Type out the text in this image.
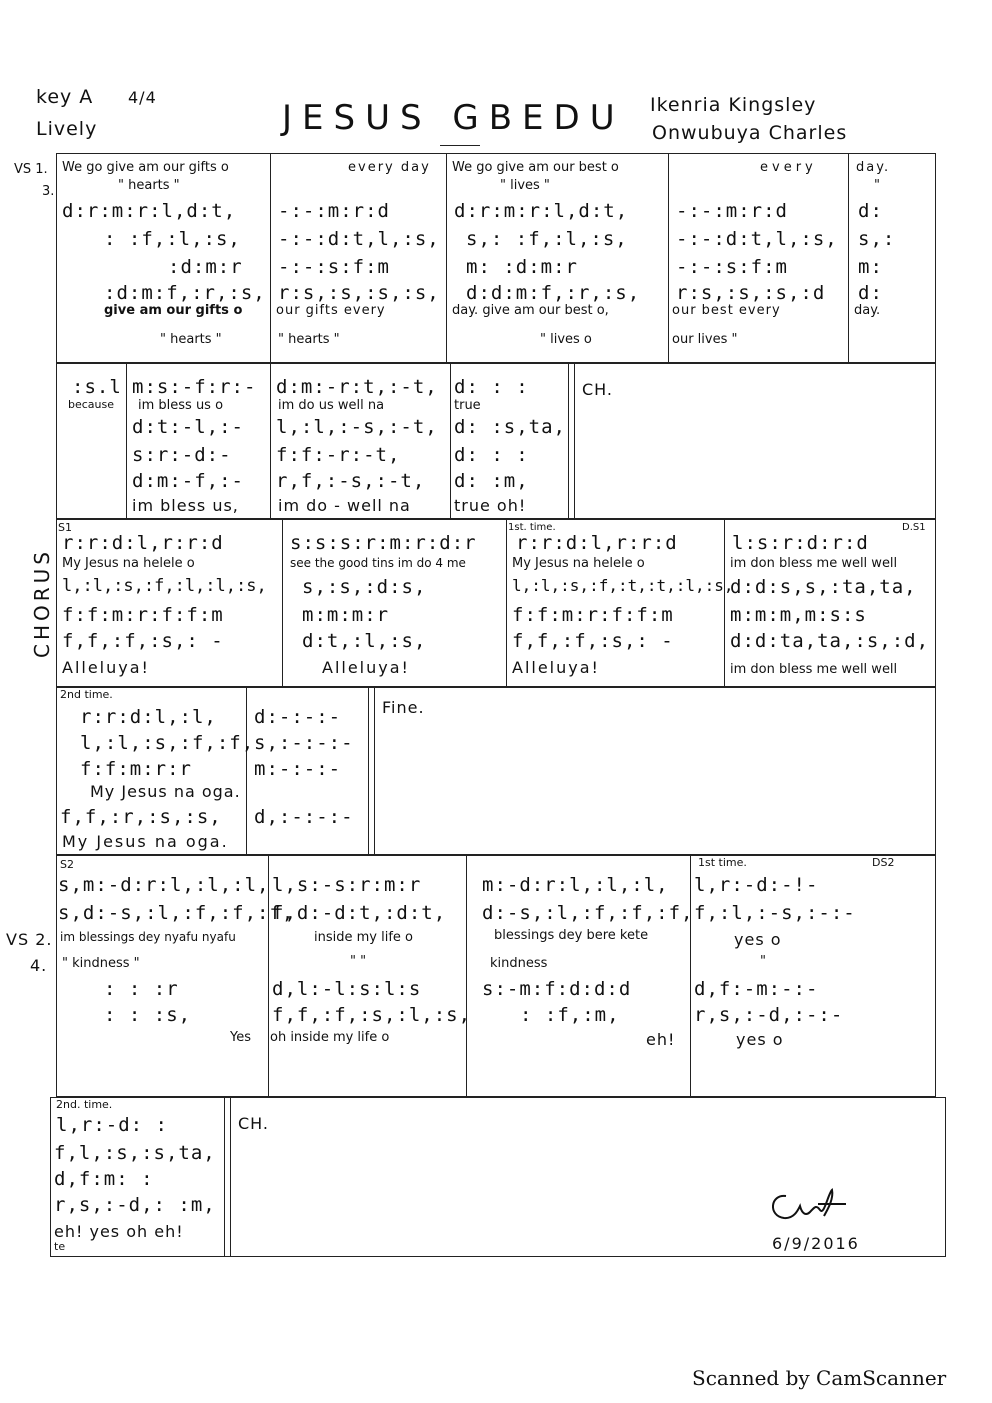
key A 4/4
Lively	JESUS GBEDU Ikenria Kingsley
Onwubuya Charles
VS 1.
3.
VS 2.
4.
We go give am our gifts o
" hearts "
d:r:m:r:l,d:t,
: :f,:l,:s,
:d:m:r
:d:m:f,:r,:s,
give am our gifts o
" hearts "
every day
-:-:m:r:d
-:-:d:t,l,:s,
-:-:s:f:m
r:s,:s,:s,:s,
our gifts every
" hearts "
We go give am our best o
" lives "
d:r:m:r:l,d:t,
s,: :f,:l,:s,
m: :d:m:r
d:d:m:f,:r,:s,
day. give am our best o,
" lives o
every
-:-:m:r:d
-:-:d:t,l,:s,
-:-:s:f:m
r:s,:s,:s,:d
our best every
our lives "
day.
"
d:
s,:
m:
d:
day.
:s.l
because
m:s:-f:r:-
im bless us o
d:t:-l,:-
s:r:-d:-
d:m:-f,:-
im bless us,
d:m:-r:t,:-t,
im do us well na
l,:l,:-s,:-t,
f:f:-r:-t,
r,f,:-s,:-t,
im do - well na
d: : :
true
d: :s,ta,
d: : :
d: :m,
true oh!
CH.
CHORUS
S1
r:r:d:l,r:r:d
My Jesus na helele o
l,:l,:s,:f,:l,:l,:s,
f:f:m:r:f:f:m
f,f,:f,:s,: -
Alleluya!
s:s:s:r:m:r:d:r
see the good tins im do 4 me
s,:s,:d:s,
m:m:m:r
d:t,:l,:s,
Alleluya!
1st. time.
r:r:d:l,r:r:d
My Jesus na helele o
l,:l,:s,:f,:t,:t,:l,:s,
f:f:m:r:f:f:m
f,f,:f,:s,: -
Alleluya!
D.S1
l:s:r:d:r:d
im don bless me well well
d:d:s,s,:ta,ta,
m:m:m,m:s:s
d:d:ta,ta,:s,:d,
im don bless me well well
2nd time.
r:r:d:l,:l,
l,:l,:s,:f,:f,
f:f:m:r:r
My Jesus na oga.
f,f,:r,:s,:s,
My Jesus na oga.
d:-:-:-
s,:-:-:-
m:-:-:-
d,:-:-:-
Fine.
S2
s,m:-d:r:l,:l,:l,
s,d:-s,:l,:f,:f,:f,
im blessings dey nyafu nyafu
" kindness "
: : :r
: : :s,
Yes
l,s:-s:r:m:r
f,d:-d:t,:d:t,
inside my life o
" "
d,l:-l:s:l:s
f,f,:f,:s,:l,:s,
oh inside my life o
m:-d:r:l,:l,:l,
d:-s,:l,:f,:f,:f,
blessings dey bere kete
kindness
s:-m:f:d:d:d
: :f,:m,
eh!
1st time.	DS2
l,r:-d:-!-
f,:l,:-s,:-:-
yes o
"
d,f:-m:-:-
r,s,:-d,:-:-
yes o
2nd. time.
l,r:-d: :
f,l,:s,:s,ta,
d,f:m: :
r,s,:-d,: :m,
eh! yes oh eh!
te
CH.
6/9/2016
Scanned by CamScanner
